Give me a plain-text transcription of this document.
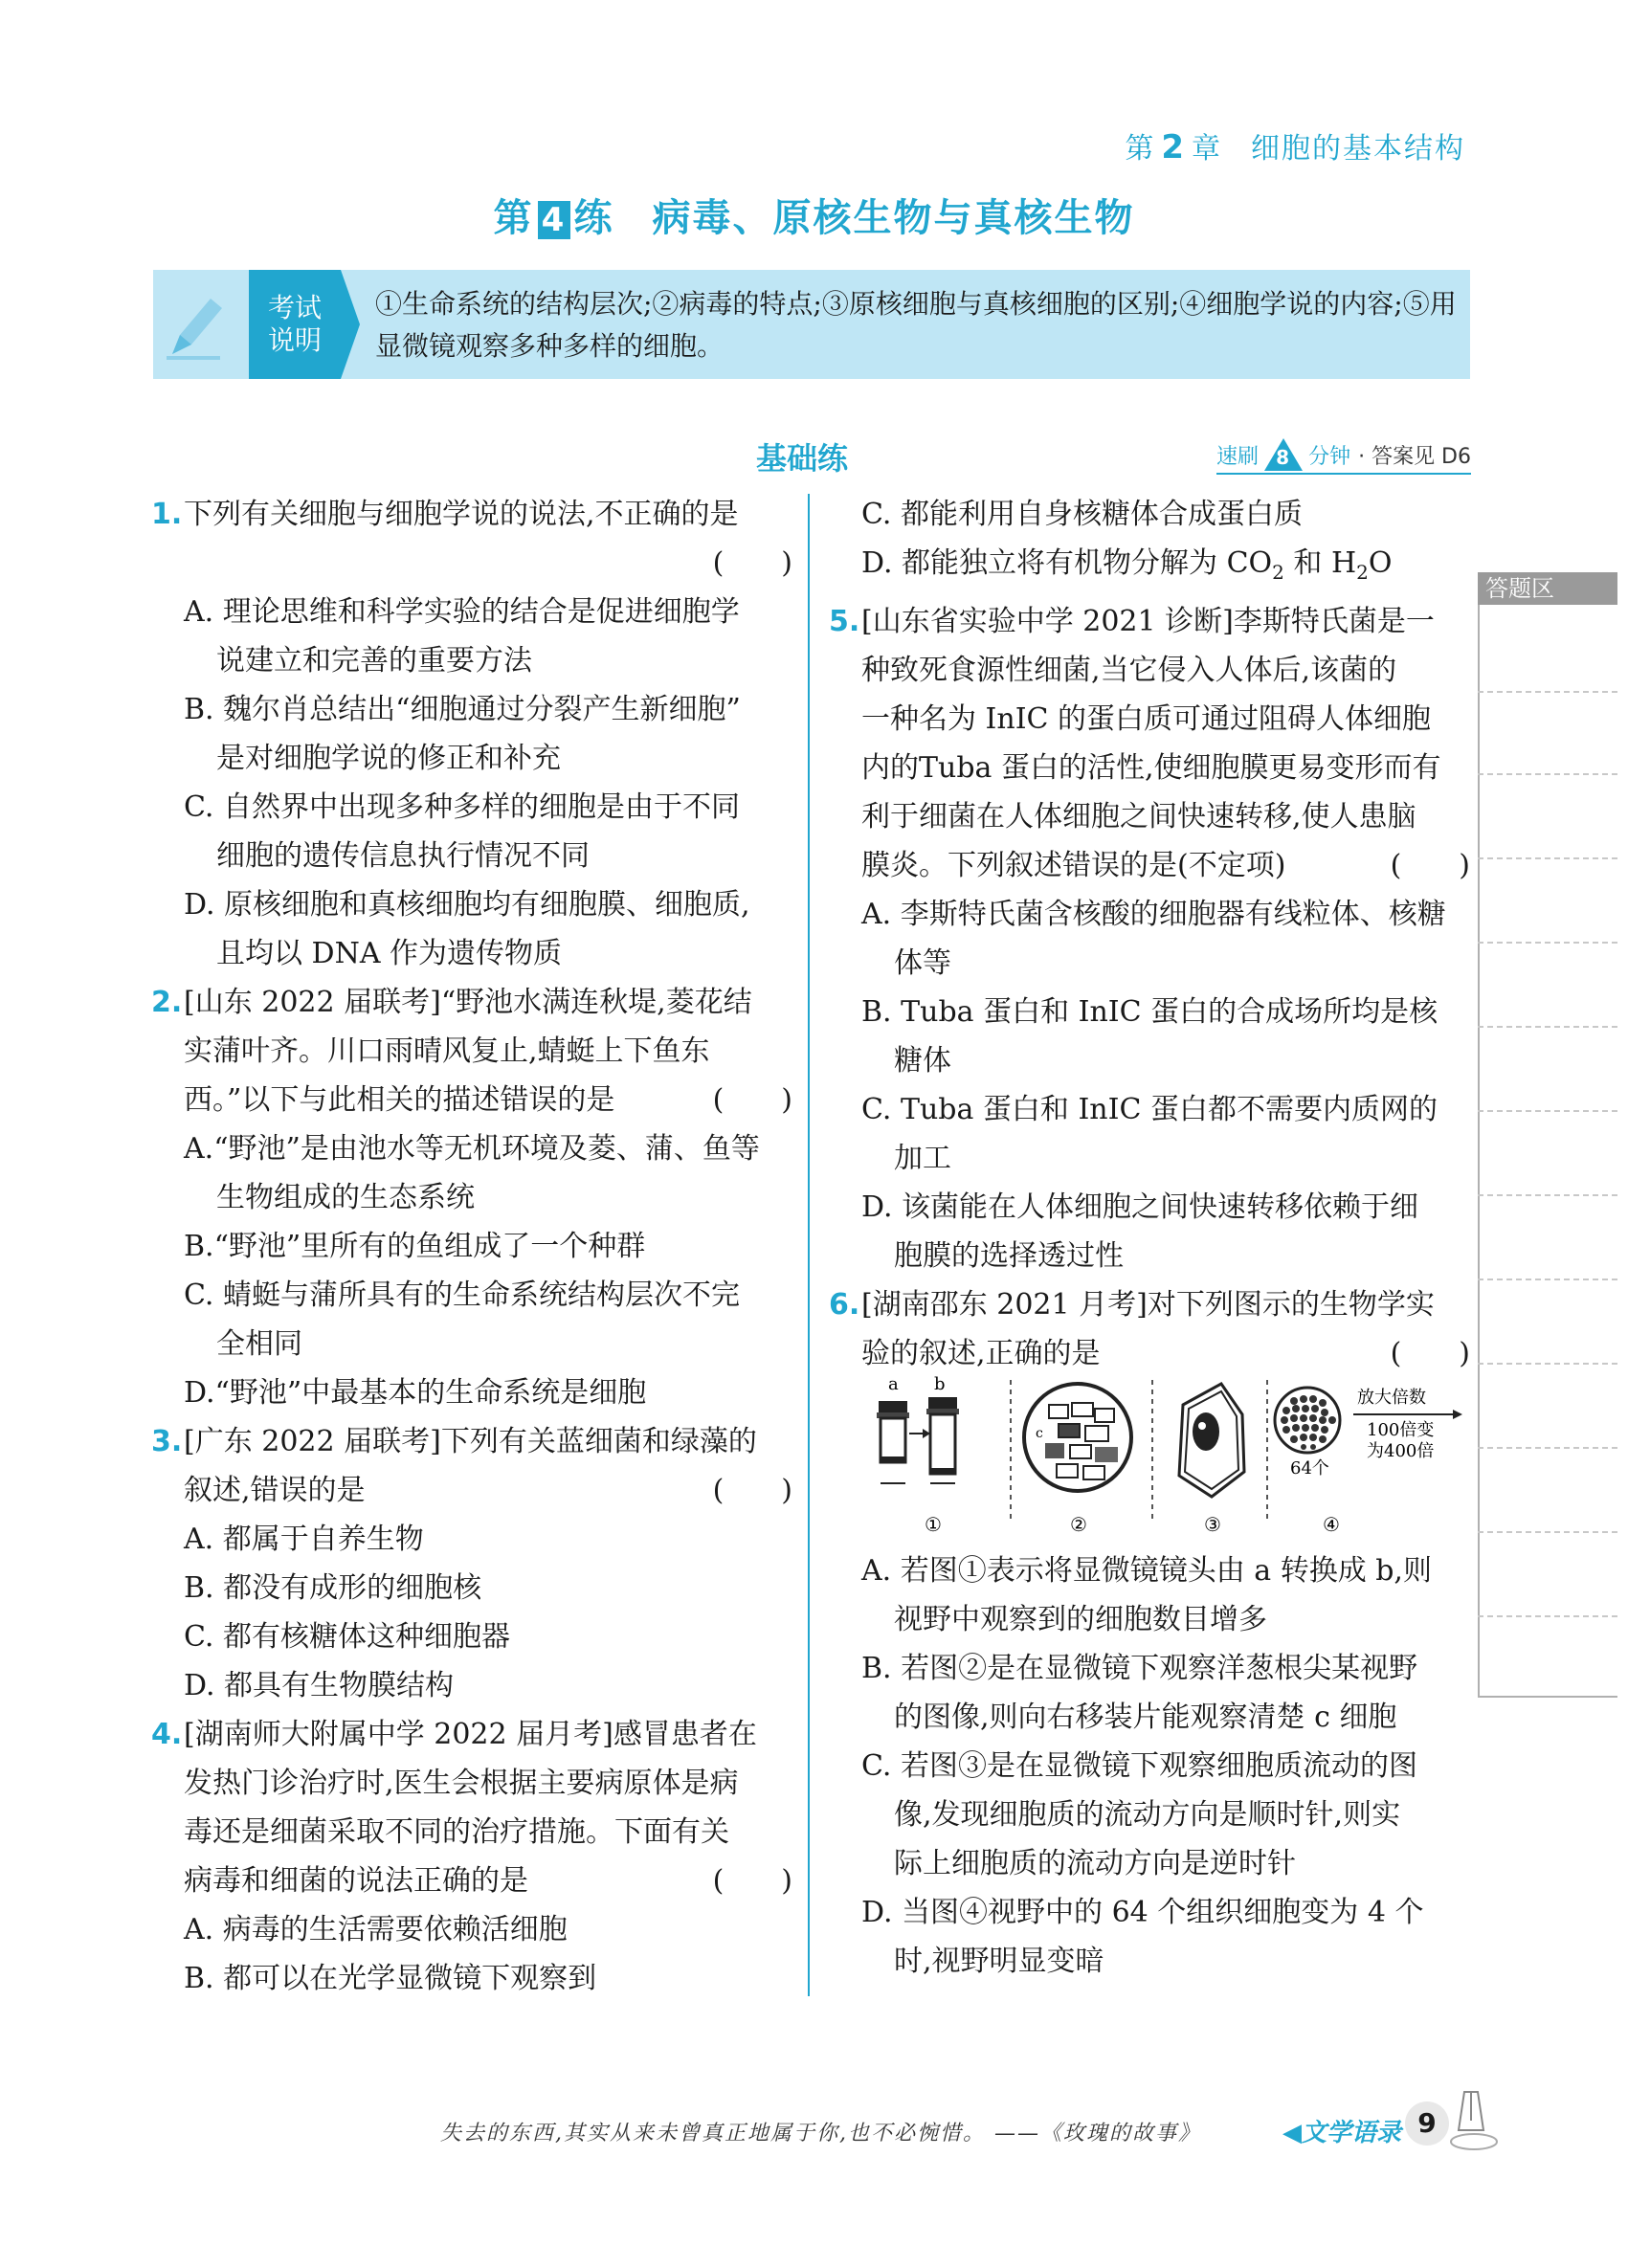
第 2 章 细胞的基本结构
第 4 练 病毒、原核生物与真核生物
考试
说明
①生命系统的结构层次;②病毒的特点;③原核细胞与真核细胞的区别;④细胞学说的内容;⑤用显微镜观察多种多样的细胞。
基础练	速刷 8 分钟 · 答案见 D6
1.下列有关细胞与细胞学说的说法,不正确的是
(　　)
A. 理论思维和科学实验的结合是促进细胞学
说建立和完善的重要方法
B. 魏尔肖总结出“细胞通过分裂产生新细胞”
是对细胞学说的修正和补充
C. 自然界中出现多种多样的细胞是由于不同
细胞的遗传信息执行情况不同
D. 原核细胞和真核细胞均有细胞膜、细胞质,
且均以 DNA 作为遗传物质
2.[山东 2022 届联考]“野池水满连秋堤,菱花结
实蒲叶齐。川口雨晴风复止,蜻蜓上下鱼东
西。”以下与此相关的描述错误的是	(　　)
A.“野池”是由池水等无机环境及菱、蒲、鱼等
生物组成的生态系统
B.“野池”里所有的鱼组成了一个种群
C. 蜻蜓与蒲所具有的生命系统结构层次不完
全相同
D.“野池”中最基本的生命系统是细胞
3.[广东 2022 届联考]下列有关蓝细菌和绿藻的
叙述,错误的是	(　　)
A. 都属于自养生物
B. 都没有成形的细胞核
C. 都有核糖体这种细胞器
D. 都具有生物膜结构
4.[湖南师大附属中学 2022 届月考]感冒患者在
发热门诊治疗时,医生会根据主要病原体是病
毒还是细菌采取不同的治疗措施。下面有关
病毒和细菌的说法正确的是	(　　)
A. 病毒的生活需要依赖活细胞
B. 都可以在光学显微镜下观察到
C. 都能利用自身核糖体合成蛋白质
D. 都能独立将有机物分解为 $CO_2$ 和 $H_2O$
5.[山东省实验中学 2021 诊断]李斯特氏菌是一
种致死食源性细菌,当它侵入人体后,该菌的
一种名为 InIC 的蛋白质可通过阻碍人体细胞
内的Tuba 蛋白的活性,使细胞膜更易变形而有
利于细菌在人体细胞之间快速转移,使人患脑
膜炎。下列叙述错误的是(不定项)	(　　)
A. 李斯特氏菌含核酸的细胞器有线粒体、核糖
体等
B. Tuba 蛋白和 InIC 蛋白的合成场所均是核
糖体
C. Tuba 蛋白和 InIC 蛋白都不需要内质网的
加工
D. 该菌能在人体细胞之间快速转移依赖于细
胞膜的选择透过性
6.[湖南邵东 2021 月考]对下列图示的生物学实
验的叙述,正确的是	(　　)
A. 若图①表示将显微镜镜头由 a 转换成 b,则
视野中观察到的细胞数目增多
B. 若图②是在显微镜下观察洋葱根尖某视野
的图像,则向右移装片能观察清楚 c 细胞
C. 若图③是在显微镜下观察细胞质流动的图
像,发现细胞质的流动方向是顺时针,则实
际上细胞质的流动方向是逆时针
D. 当图④视野中的 64 个组织细胞变为 4 个
时,视野明显变暗
a b
c
64个
放大倍数
100倍变
为400倍
①	②	③	④
答题区
失去的东西,其实从来未曾真正地属于你,也不必惋惜。 ——《玫瑰的故事》	◀文学语录 9
